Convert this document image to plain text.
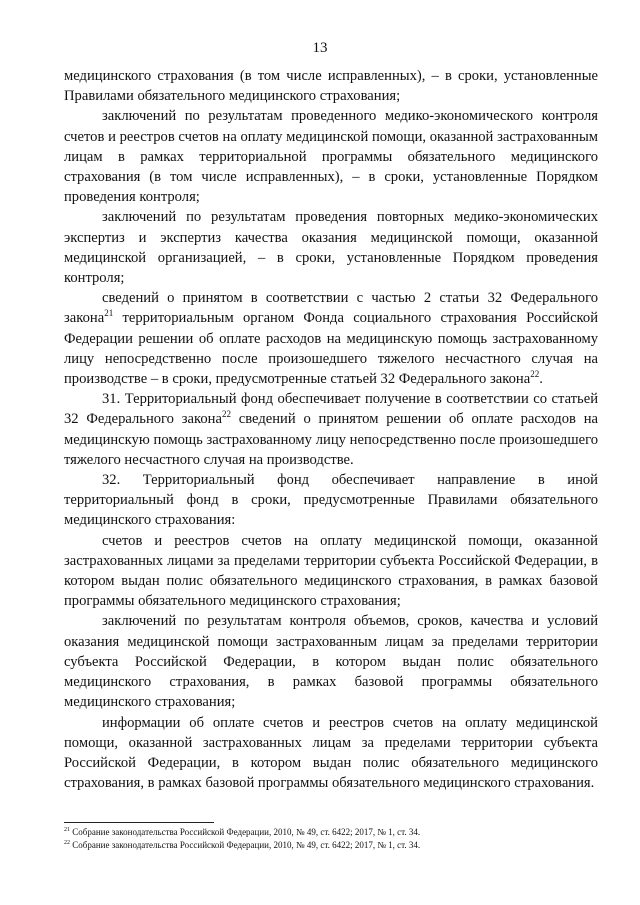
13

медицинского страхования (в том числе исправленных), – в сроки, установленные Правилами обязательного медицинского страхования;

заключений по результатам проведенного медико-экономического контроля счетов и реестров счетов на оплату медицинской помощи, оказанной застрахованным лицам в рамках территориальной программы обязательного медицинского страхования (в том числе исправленных), – в сроки, установленные Порядком проведения контроля;

заключений по результатам проведения повторных медико-экономических экспертиз и экспертиз качества оказания медицинской помощи, оказанной медицинской организацией, – в сроки, установленные Порядком проведения контроля;

сведений о принятом в соответствии с частью 2 статьи 32 Федерального закона$^{21}$ территориальным органом Фонда социального страхования Российской Федерации решении об оплате расходов на медицинскую помощь застрахованному лицу непосредственно после произошедшего тяжелого несчастного случая на производстве – в сроки, предусмотренные статьей 32 Федерального закона$^{22}$.

31. Территориальный фонд обеспечивает получение в соответствии со статьей 32 Федерального закона$^{22}$ сведений о принятом решении об оплате расходов на медицинскую помощь застрахованному лицу непосредственно после произошедшего тяжелого несчастного случая на производстве.

32. Территориальный фонд обеспечивает направление в иной территориальный фонд в сроки, предусмотренные Правилами обязательного медицинского страхования:

счетов и реестров счетов на оплату медицинской помощи, оказанной застрахованных лицами за пределами территории субъекта Российской Федерации, в котором выдан полис обязательного медицинского страхования, в рамках базовой программы обязательного медицинского страхования;

заключений по результатам контроля объемов, сроков, качества и условий оказания медицинской помощи застрахованным лицам за пределами территории субъекта Российской Федерации, в котором выдан полис обязательного медицинского страхования, в рамках базовой программы обязательного медицинского страхования;

информации об оплате счетов и реестров счетов на оплату медицинской помощи, оказанной застрахованных лицам за пределами территории субъекта Российской Федерации, в котором выдан полис обязательного медицинского страхования, в рамках базовой программы обязательного медицинского страхования.

$^{21}$ Собрание законодательства Российской Федерации, 2010, № 49, ст. 6422; 2017, № 1, ст. 34.
$^{22}$ Собрание законодательства Российской Федерации, 2010, № 49, ст. 6422; 2017, № 1, ст. 34.
